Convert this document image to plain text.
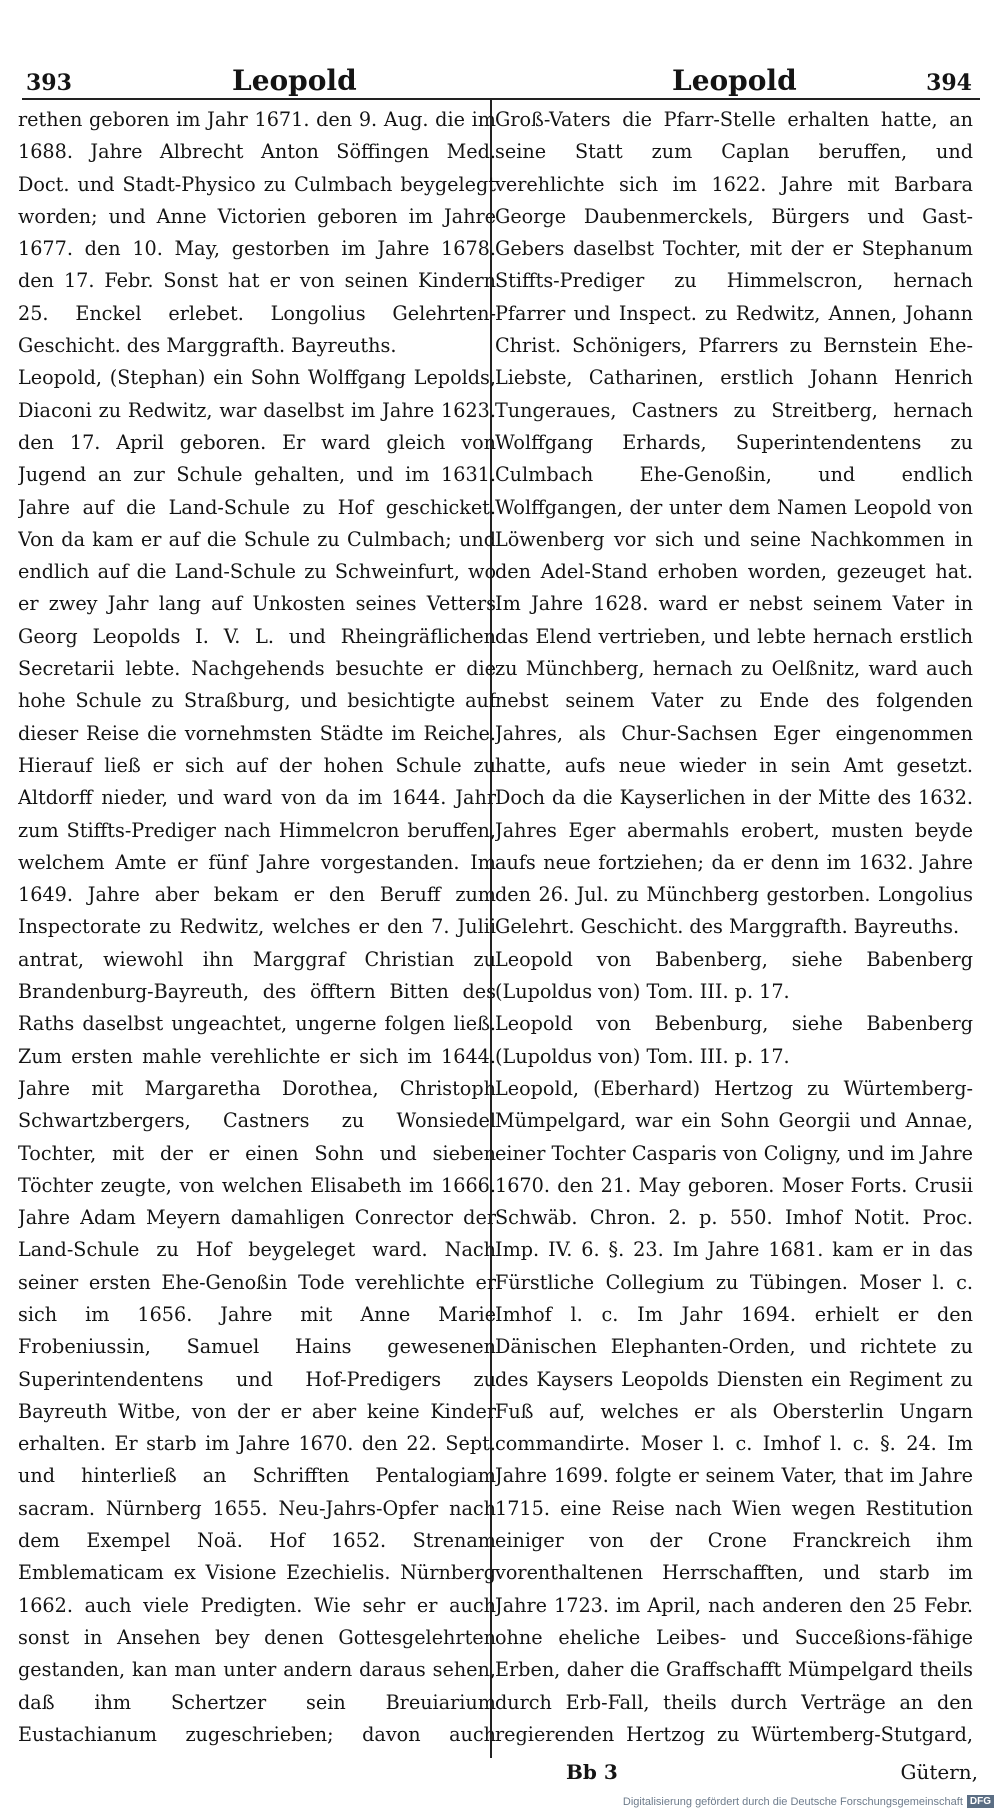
393	Leopold	Leopold	394

rethen geboren im Jahr 1671. den 9. Aug. die im 1688. Jahre Albrecht Anton Söffingen Med. Doct. und Stadt-Physico zu Culmbach beygelegt worden; und Anne Victorien geboren im Jahre 1677. den 10. May, gestorben im Jahre 1678. den 17. Febr. Sonst hat er von seinen Kindern 25. Enckel erlebet. Longolius Gelehrten-Geschicht. des Marggrafth. Bayreuths.

Leopold, (Stephan) ein Sohn Wolffgang Lepolds, Diaconi zu Redwitz, war daselbst im Jahre 1623. den 17. April geboren. Er ward gleich von Jugend an zur Schule gehalten, und im 1631. Jahre auf die Land-Schule zu Hof geschicket. Von da kam er auf die Schule zu Culmbach; und endlich auf die Land-Schule zu Schweinfurt, wo er zwey Jahr lang auf Unkosten seines Vetters Georg Leopolds I. V. L. und Rheingräflichen Secretarii lebte. Nachgehends besuchte er die hohe Schule zu Straßburg, und besichtigte auf dieser Reise die vornehmsten Städte im Reiche. Hierauf ließ er sich auf der hohen Schule zu Altdorff nieder, und ward von da im 1644. Jahr zum Stiffts-Prediger nach Himmelcron beruffen, welchem Amte er fünf Jahre vorgestanden. Im 1649. Jahre aber bekam er den Beruff zum Inspectorate zu Redwitz, welches er den 7. Julii antrat, wiewohl ihn Marggraf Christian zu Brandenburg-Bayreuth, des öfftern Bitten des Raths daselbst ungeachtet, ungerne folgen ließ. Zum ersten mahle verehlichte er sich im 1644. Jahre mit Margaretha Dorothea, Christoph Schwartzbergers, Castners zu Wonsiedel Tochter, mit der er einen Sohn und sieben Töchter zeugte, von welchen Elisabeth im 1666. Jahre Adam Meyern damahligen Conrector der Land-Schule zu Hof beygeleget ward. Nach seiner ersten Ehe-Genoßin Tode verehlichte er sich im 1656. Jahre mit Anne Marie Frobeniussin, Samuel Hains gewesenen Superintendentens und Hof-Predigers zu Bayreuth Witbe, von der er aber keine Kinder erhalten. Er starb im Jahre 1670. den 22. Sept. und hinterließ an Schrifften Pentalogiam sacram. Nürnberg 1655. Neu-Jahrs-Opfer nach dem Exempel Noä. Hof 1652. Strenam Emblematicam ex Visione Ezechielis. Nürnberg 1662. auch viele Predigten. Wie sehr er auch sonst in Ansehen bey denen Gottesgelehrten gestanden, kan man unter andern daraus sehen, daß ihm Schertzer sein Breuiarium Eustachianum zugeschrieben; davon auch

Groß-Vaters die Pfarr-Stelle erhalten hatte, an seine Statt zum Caplan beruffen, und verehlichte sich im 1622. Jahre mit Barbara George Daubenmerckels, Bürgers und Gast-Gebers daselbst Tochter, mit der er Stephanum Stiffts-Prediger zu Himmelscron, hernach Pfarrer und Inspect. zu Redwitz, Annen, Johann Christ. Schönigers, Pfarrers zu Bernstein Ehe-Liebste, Catharinen, erstlich Johann Henrich Tungeraues, Castners zu Streitberg, hernach Wolffgang Erhards, Superintendentens zu Culmbach Ehe-Genoßin, und endlich Wolffgangen, der unter dem Namen Leopold von Löwenberg vor sich und seine Nachkommen in den Adel-Stand erhoben worden, gezeuget hat. Im Jahre 1628. ward er nebst seinem Vater in das Elend vertrieben, und lebte hernach erstlich zu Münchberg, hernach zu Oelßnitz, ward auch nebst seinem Vater zu Ende des folgenden Jahres, als Chur-Sachsen Eger eingenommen hatte, aufs neue wieder in sein Amt gesetzt. Doch da die Kayserlichen in der Mitte des 1632. Jahres Eger abermahls erobert, musten beyde aufs neue fortziehen; da er denn im 1632. Jahre den 26. Jul. zu Münchberg gestorben. Longolius Gelehrt. Geschicht. des Marggrafth. Bayreuths.

Leopold von Babenberg, siehe Babenberg (Lupoldus von) Tom. III. p. 17.

Leopold von Bebenburg, siehe Babenberg (Lupoldus von) Tom. III. p. 17.

Leopold, (Eberhard) Hertzog zu Würtemberg-Mümpelgard, war ein Sohn Georgii und Annae, einer Tochter Casparis von Coligny, und im Jahre 1670. den 21. May geboren. Moser Forts. Crusii Schwäb. Chron. 2. p. 550. Imhof Notit. Proc. Imp. IV. 6. §. 23. Im Jahre 1681. kam er in das Fürstliche Collegium zu Tübingen. Moser l. c. Imhof l. c. Im Jahr 1694. erhielt er den Dänischen Elephanten-Orden, und richtete zu des Kaysers Leopolds Diensten ein Regiment zu Fuß auf, welches er als Obersterlin Ungarn commandirte. Moser l. c. Imhof l. c. §. 24. Im Jahre 1699. folgte er seinem Vater, that im Jahre 1715. eine Reise nach Wien wegen Restitution einiger von der Crone Franckreich ihm vorenthaltenen Herrschafften, und starb im Jahre 1723. im April, nach anderen den 25 Febr. ohne eheliche Leibes- und Succeßions-fähige Erben, daher die Graffschafft Mümpelgard theils durch Erb-Fall, theils durch Verträge an den regierenden Hertzog zu Würtemberg-Stutgard,

Bb 3	Gütern,
Digitalisierung gefördert durch die Deutsche Forschungsgemeinschaft DFG
